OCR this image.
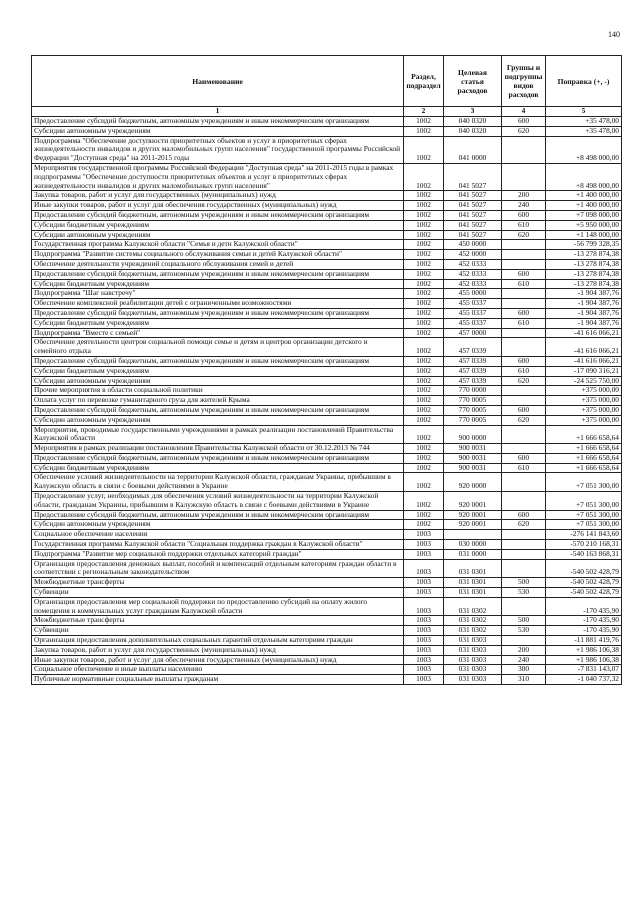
140
Наименование	Раздел, подраздел	Целевая статья расходов	Группы и подгруппы видов расходов	Поправка (+, -)
1	2	3	4	5
Предоставление субсидий бюджетным, автономным учреждениям и иным некоммерческим организациям	1002	040 0320	600	+35 478,00
Субсидии автономным учреждениям	1002	040 0320	620	+35 478,00
Подпрограмма "Обеспечение доступности приоритетных объектов и услуг в приоритетных сферах жизнедеятельности инвалидов и других маломобильных групп населения" государственной программы Российской Федерации "Доступная среда" на 2011-2015 годы	1002	041 0000		+8 498 000,00
Мероприятия государственной программы Российской Федерации "Доступная среда" на 2011-2015 годы в рамках подпрограммы "Обеспечение доступности приоритетных объектов и услуг в приоритетных сферах жизнедеятельности инвалидов и других маломобильных групп населения"	1002	041 5027		+8 498 000,00
Закупка товаров, работ и услуг для государственных (муниципальных) нужд	1002	041 5027	200	+1 400 000,00
Иные закупки товаров, работ и услуг для обеспечения государственных (муниципальных) нужд	1002	041 5027	240	+1 400 000,00
Предоставление субсидий бюджетным, автономным учреждениям и иным некоммерческим организациям	1002	041 5027	600	+7 098 000,00
Субсидии бюджетным учреждениям	1002	041 5027	610	+5 950 000,00
Субсидии автономным учреждениям	1002	041 5027	620	+1 148 000,00
Государственная программа Калужской области "Семья и дети Калужской области"	1002	450 0000		-56 799 328,35
Подпрограмма "Развитие системы социального обслуживания семьи и детей Калужской области"	1002	452 0000		-13 278 874,38
Обеспечение деятельности учреждений социального обслуживания семей и детей	1002	452 0333		-13 278 874,38
Предоставление субсидий бюджетным, автономным учреждениям и иным некоммерческим организациям	1002	452 0333	600	-13 278 874,38
Субсидии бюджетным учреждениям	1002	452 0333	610	-13 278 874,38
Подпрограмма "Шаг навстречу"	1002	455 0000		-1 904 387,76
Обеспечение комплексной реабилитации детей с ограниченными возможностями	1002	455 0337		-1 904 387,76
Предоставление субсидий бюджетным, автономным учреждениям и иным некоммерческим организациям	1002	455 0337	600	-1 904 387,76
Субсидии бюджетным учреждениям	1002	455 0337	610	-1 904 387,76
Подпрограмма "Вместе с семьей"	1002	457 0000		-41 616 066,21
Обеспечение деятельности центров социальной помощи семье и детям и центров организации детского и семейного отдыха	1002	457 0339		-41 616 066,21
Предоставление субсидий бюджетным, автономным учреждениям и иным некоммерческим организациям	1002	457 0339	600	-41 616 066,21
Субсидии бюджетным учреждениям	1002	457 0339	610	-17 090 316,21
Субсидии автономным учреждениям	1002	457 0339	620	-24 525 750,00
Прочие мероприятия в области социальной политики	1002	770 0000		+375 000,00
Оплата услуг по перевозке гуманитарного груза для жителей Крыма	1002	770 0005		+375 000,00
Предоставление субсидий бюджетным, автономным учреждениям и иным некоммерческим организациям	1002	770 0005	600	+375 000,00
Субсидии автономным учреждениям	1002	770 0005	620	+375 000,00
Мероприятия, проводимые государственными учреждениями в рамках реализации постановлений Правительства Калужской области	1002	900 0000		+1 666 658,64
Мероприятия в рамках реализации постановления Правительства Калужской области от 30.12.2013 № 744	1002	900 0031		+1 666 658,64
Предоставление субсидий бюджетным, автономным учреждениям и иным некоммерческим организациям	1002	900 0031	600	+1 666 658,64
Субсидии бюджетным учреждениям	1002	900 0031	610	+1 666 658,64
Обеспечение условий жизнедеятельности на территории Калужской области, гражданам Украины, прибывшим в Калужскую область в связи с боевыми действиями в Украине	1002	920 0000		+7 051 300,00
Предоставление услуг, необходимых для обеспечения условий жизнедеятельности на территории Калужской области, гражданам Украины, прибывшим в Калужскую область в связи с боевыми действиями в Украине	1002	920 0001		+7 051 300,00
Предоставление субсидий бюджетным, автономным учреждениям и иным некоммерческим организациям	1002	920 0001	600	+7 051 300,00
Субсидии автономным учреждениям	1002	920 0001	620	+7 051 300,00
Социальное обеспечение населения	1003			-276 141 843,60
Государственная программа Калужской области "Социальная поддержка граждан в Калужской области"	1003	030 0000		-570 210 168,31
Подпрограмма "Развитие мер социальной поддержки отдельных категорий граждан"	1003	031 0000		-540 163 868,31
Организация предоставления денежных выплат, пособий и компенсаций отдельным категориям граждан области в соответствии с региональным законодательством	1003	031 0301		-540 502 428,79
Межбюджетные трансферты	1003	031 0301	500	-540 502 428,79
Субвенции	1003	031 0301	530	-540 502 428,79
Организация предоставления мер социальной поддержки по предоставлению субсидий на оплату жилого помещения и коммунальных услуг гражданам Калужской области	1003	031 0302		-170 435,90
Межбюджетные трансферты	1003	031 0302	500	-170 435,90
Субвенции	1003	031 0302	530	-170 435,90
Организация предоставления дополнительных социальных гарантий отдельным категориям граждан	1003	031 0303		-11 881 419,76
Закупка товаров, работ и услуг для государственных (муниципальных) нужд	1003	031 0303	200	+1 986 106,38
Иные закупки товаров, работ и услуг для обеспечения государственных (муниципальных) нужд	1003	031 0303	240	+1 986 106,38
Социальное обеспечение и иные выплаты населению	1003	031 0303	300	-7 831 143,07
Публичные нормативные социальные выплаты гражданам	1003	031 0303	310	-1 040 737,32
